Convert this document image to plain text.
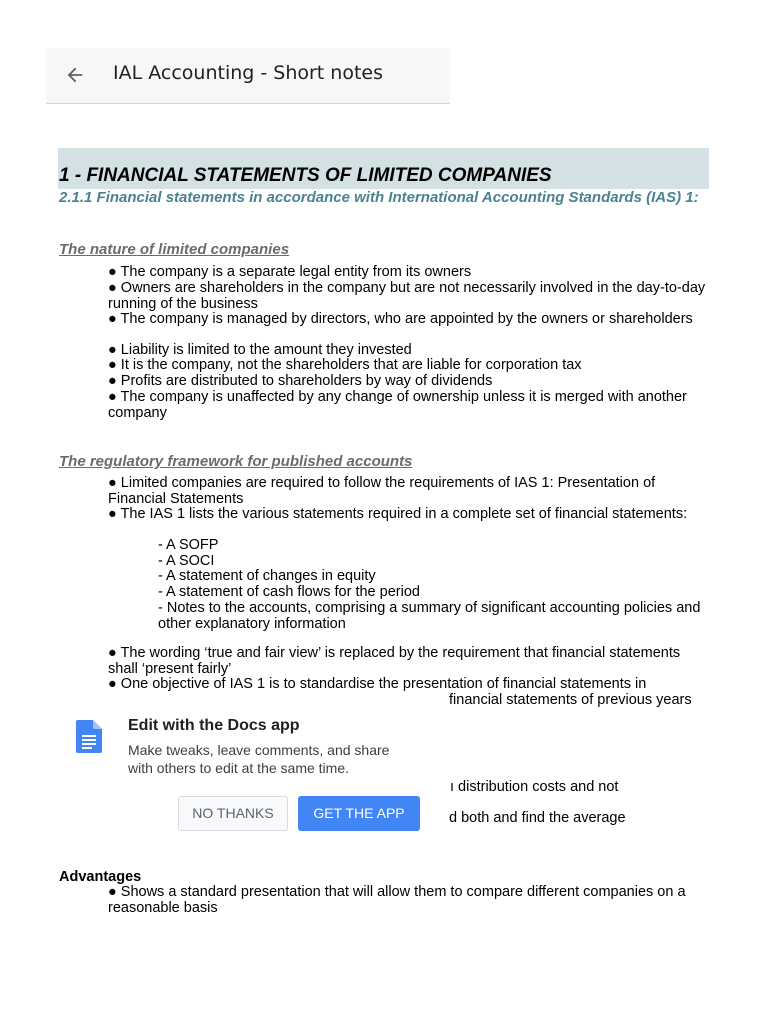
1 - FINANCIAL STATEMENTS OF LIMITED COMPANIES
2.1.1 Financial statements in accordance with International Accounting Standards (IAS) 1:
The nature of limited companies
● The company is a separate legal entity from its owners
● Owners are shareholders in the company but are not necessarily involved in the day-to-day running of the business
● The company is managed by directors, who are appointed by the owners or shareholders
● Liability is limited to the amount they invested
● It is the company, not the shareholders that are liable for corporation tax
● Profits are distributed to shareholders by way of dividends
● The company is unaffected by any change of ownership unless it is merged with another company
The regulatory framework for published accounts
● Limited companies are required to follow the requirements of IAS 1: Presentation of Financial Statements
● The IAS 1 lists the various statements required in a complete set of financial statements:
- A SOFP
- A SOCI
- A statement of changes in equity
- A statement of cash flows for the period
- Notes to the accounts, comprising a summary of significant accounting policies and other explanatory information
● The wording ‘true and fair view’ is replaced by the requirement that financial statements shall ‘present fairly’
● One objective of IAS 1 is to standardise the presentation of financial statements in
financial statements of previous years
ı distribution costs and not
d both and find the average
Advantages
● Shows a standard presentation that will allow them to compare different companies on a reasonable basis
IAL Accounting - Short notes
Edit with the Docs app
Make tweaks, leave comments, and share with others to edit at the same time.
NO THANKS	GET THE APP
